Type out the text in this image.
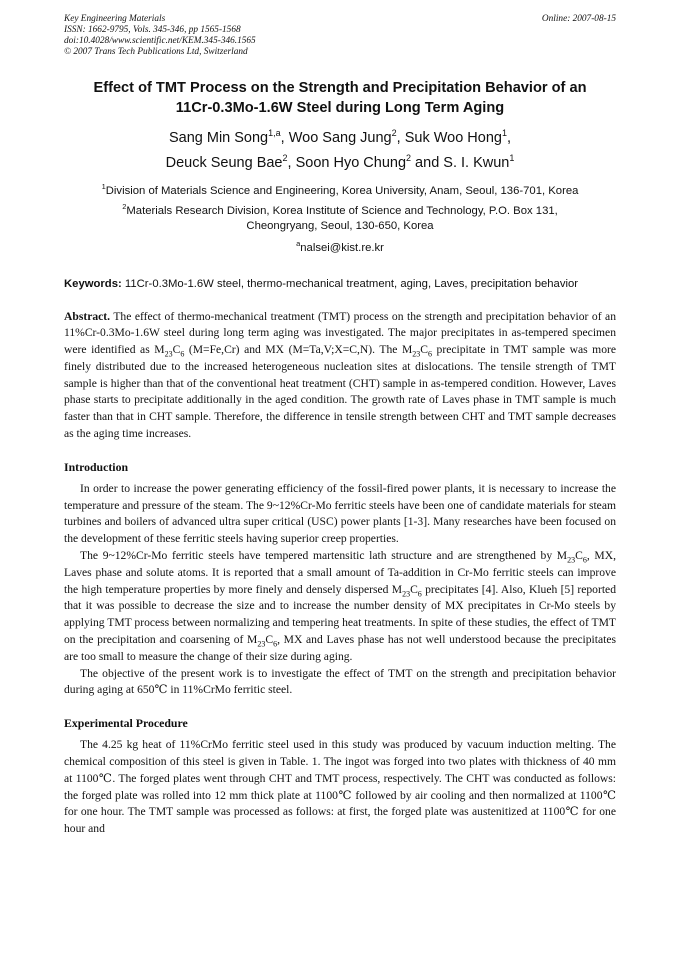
Key Engineering Materials
ISSN: 1662-9795, Vols. 345-346, pp 1565-1568
doi:10.4028/www.scientific.net/KEM.345-346.1565
© 2007 Trans Tech Publications Ltd, Switzerland
Online: 2007-08-15
Effect of TMT Process on the Strength and Precipitation Behavior of an
11Cr-0.3Mo-1.6W Steel during Long Term Aging
Sang Min Song$^{1,a}$, Woo Sang Jung$^2$, Suk Woo Hong$^1$,
Deuck Seung Bae$^2$, Soon Hyo Chung$^2$ and S. I. Kwun$^1$
$^1$Division of Materials Science and Engineering, Korea University, Anam, Seoul, 136-701, Korea
$^2$Materials Research Division, Korea Institute of Science and Technology, P.O. Box 131,
Cheongryang, Seoul, 130-650, Korea
$^a$nalsei@kist.re.kr
Keywords: 11Cr-0.3Mo-1.6W steel, thermo-mechanical treatment, aging, Laves, precipitation behavior

Abstract. The effect of thermo-mechanical treatment (TMT) process on the strength and precipitation behavior of an 11%Cr-0.3Mo-1.6W steel during long term aging was investigated. The major precipitates in as-tempered specimen were identified as $M_{23}C_6$ (M=Fe,Cr) and MX (M=Ta,V;X=C,N). The $M_{23}C_6$ precipitate in TMT sample was more finely distributed due to the increased heterogeneous nucleation sites at dislocations. The tensile strength of TMT sample is higher than that of the conventional heat treatment (CHT) sample in as-tempered condition. However, Laves phase starts to precipitate additionally in the aged condition. The growth rate of Laves phase in TMT sample is much faster than that in CHT sample. Therefore, the difference in tensile strength between CHT and TMT sample decreases as the aging time increases.

Introduction

In order to increase the power generating efficiency of the fossil-fired power plants, it is necessary to increase the temperature and pressure of the steam. The 9~12%Cr-Mo ferritic steels have been one of candidate materials for steam turbines and boilers of advanced ultra super critical (USC) power plants [1-3]. Many researches have been focused on the development of these ferritic steels having superior creep properties.

The 9~12%Cr-Mo ferritic steels have tempered martensitic lath structure and are strengthened by $M_{23}C_6$, MX, Laves phase and solute atoms. It is reported that a small amount of Ta-addition in Cr-Mo ferritic steels can improve the high temperature properties by more finely and densely dispersed $M_{23}C_6$ precipitates [4]. Also, Klueh [5] reported that it was possible to decrease the size and to increase the number density of MX precipitates in Cr-Mo steels by applying TMT process between normalizing and tempering heat treatments. In spite of these studies, the effect of TMT on the precipitation and coarsening of $M_{23}C_6$, MX and Laves phase has not well understood because the precipitates are too small to measure the change of their size during aging.

The objective of the present work is to investigate the effect of TMT on the strength and precipitation behavior during aging at 650℃ in 11%CrMo ferritic steel.

Experimental Procedure

The 4.25 kg heat of 11%CrMo ferritic steel used in this study was produced by vacuum induction melting. The chemical composition of this steel is given in Table. 1. The ingot was forged into two plates with thickness of 40 mm at 1100℃. The forged plates went through CHT and TMT process, respectively. The CHT was conducted as follows: the forged plate was rolled into 12 mm thick plate at 1100℃ followed by air cooling and then normalized at 1100℃ for one hour. The TMT sample was processed as follows: at first, the forged plate was austenitized at 1100℃ for one hour and
